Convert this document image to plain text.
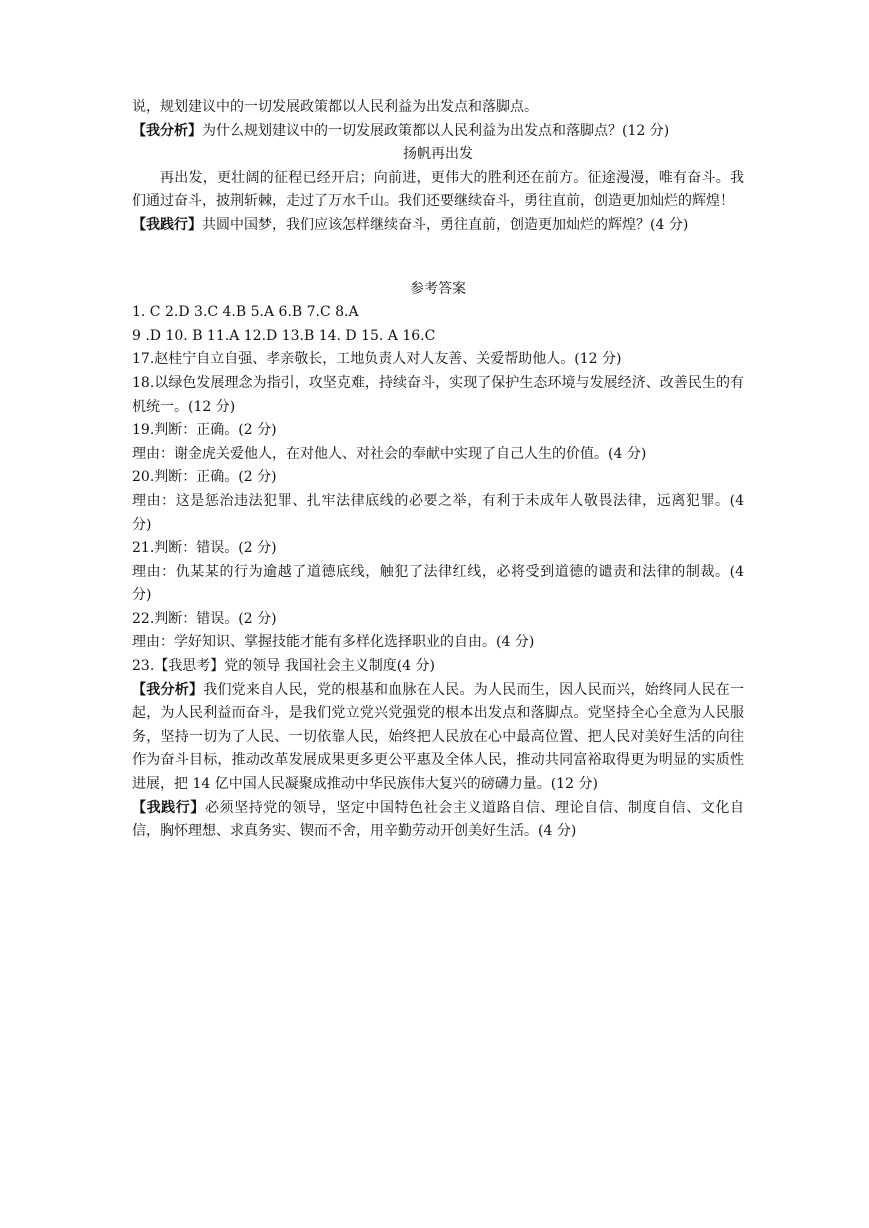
说，规划建议中的一切发展政策都以人民利益为出发点和落脚点。
【我分析】为什么规划建议中的一切发展政策都以人民利益为出发点和落脚点？(12 分)
扬帆再出发
再出发，更壮阔的征程已经开启；向前进，更伟大的胜利还在前方。征途漫漫，唯有奋斗。我们通过奋斗，披荆斩棘，走过了万水千山。我们还要继续奋斗，勇往直前，创造更加灿烂的辉煌！
【我践行】共圆中国梦，我们应该怎样继续奋斗，勇往直前，创造更加灿烂的辉煌？(4 分)
参考答案
1. C 2.D 3.C 4.B 5.A 6.B 7.C 8.A
9 .D 10. B 11.A 12.D 13.B 14. D 15. A 16.C
17.赵桂宁自立自强、孝亲敬长，工地负责人对人友善、关爱帮助他人。(12 分)
18.以绿色发展理念为指引，攻坚克难，持续奋斗，实现了保护生态环境与发展经济、改善民生的有机统一。(12 分)
19.判断：正确。(2 分)
理由：谢金虎关爱他人，在对他人、对社会的奉献中实现了自己人生的价值。(4 分)
20.判断：正确。(2 分)
理由：这是惩治违法犯罪、扎牢法律底线的必要之举，有利于未成年人敬畏法律，远离犯罪。(4 分)
21.判断：错误。(2 分)
理由：仇某某的行为逾越了道德底线，触犯了法律红线，必将受到道德的谴责和法律的制裁。(4 分)
22.判断：错误。(2 分)
理由：学好知识、掌握技能才能有多样化选择职业的自由。(4 分)
23.【我思考】党的领导 我国社会主义制度(4 分)
【我分析】我们党来自人民，党的根基和血脉在人民。为人民而生，因人民而兴，始终同人民在一起，为人民利益而奋斗，是我们党立党兴党强党的根本出发点和落脚点。党坚持全心全意为人民服务，坚持一切为了人民、一切依靠人民，始终把人民放在心中最高位置、把人民对美好生活的向往作为奋斗目标，推动改革发展成果更多更公平惠及全体人民，推动共同富裕取得更为明显的实质性进展，把 14 亿中国人民凝聚成推动中华民族伟大复兴的磅礴力量。(12 分)
【我践行】必须坚持党的领导，坚定中国特色社会主义道路自信、理论自信、制度自信、文化自信，胸怀理想、求真务实、锲而不舍，用辛勤劳动开创美好生活。(4 分)
